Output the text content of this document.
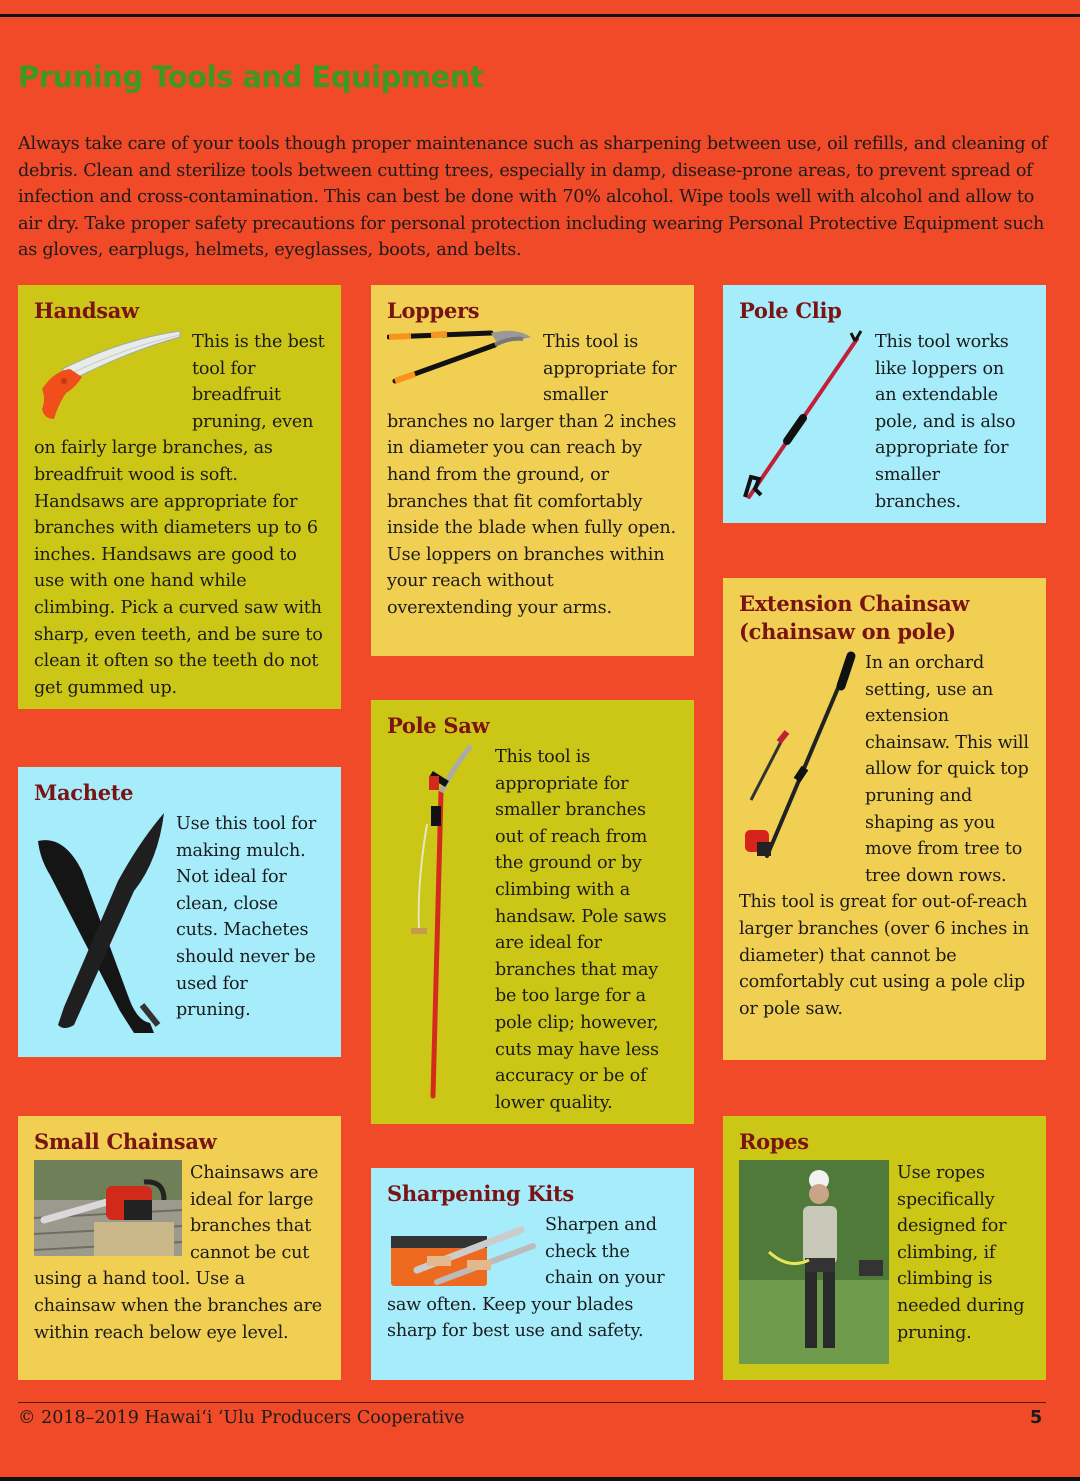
Pruning Tools and Equipment

Always take care of your tools though proper maintenance such as sharpening between use, oil refills, and cleaning of debris. Clean and sterilize tools between cutting trees, especially in damp, disease-prone areas, to prevent spread of infection and cross-contamination. This can best be done with 70% alcohol. Wipe tools well with alcohol and allow to air dry. Take proper safety precautions for personal protection including wearing Personal Protective Equipment such as gloves, earplugs, helmets, eyeglasses, boots, and belts.

Handsaw

This is the best tool for breadfruit pruning, even on fairly large branches, as breadfruit wood is soft. Handsaws are appropriate for branches with diameters up to 6 inches. Handsaws are good to use with one hand while climbing. Pick a curved saw with sharp, even teeth, and be sure to clean it often so the teeth do not get gummed up.

Loppers

This tool is appropriate for smaller branches no larger than 2 inches in diameter you can reach by hand from the ground, or branches that fit comfortably inside the blade when fully open. Use loppers on branches within your reach without overextending your arms.

Pole Clip

This tool works like loppers on an extendable pole, and is also appropriate for smaller branches.

Extension Chainsaw (chainsaw on pole)

In an orchard setting, use an extension chainsaw. This will allow for quick top pruning and shaping as you move from tree to tree down rows. This tool is great for out-of-reach larger branches (over 6 inches in diameter) that cannot be comfortably cut using a pole clip or pole saw.

Machete

Use this tool for making mulch. Not ideal for clean, close cuts. Machetes should never be used for pruning.

Pole Saw

This tool is appropriate for smaller branches out of reach from the ground or by climbing with a handsaw. Pole saws are ideal for branches that may be too large for a pole clip; however, cuts may have less accuracy or be of lower quality.

Small Chainsaw

Chainsaws are ideal for large branches that cannot be cut using a hand tool. Use a chainsaw when the branches are within reach below eye level.

Sharpening Kits

Sharpen and check the chain on your saw often. Keep your blades sharp for best use and safety.

Ropes

Use ropes specifically designed for climbing, if climbing is needed during pruning.

© 2018–2019 Hawaiʻi ʻUlu Producers Cooperative	5
